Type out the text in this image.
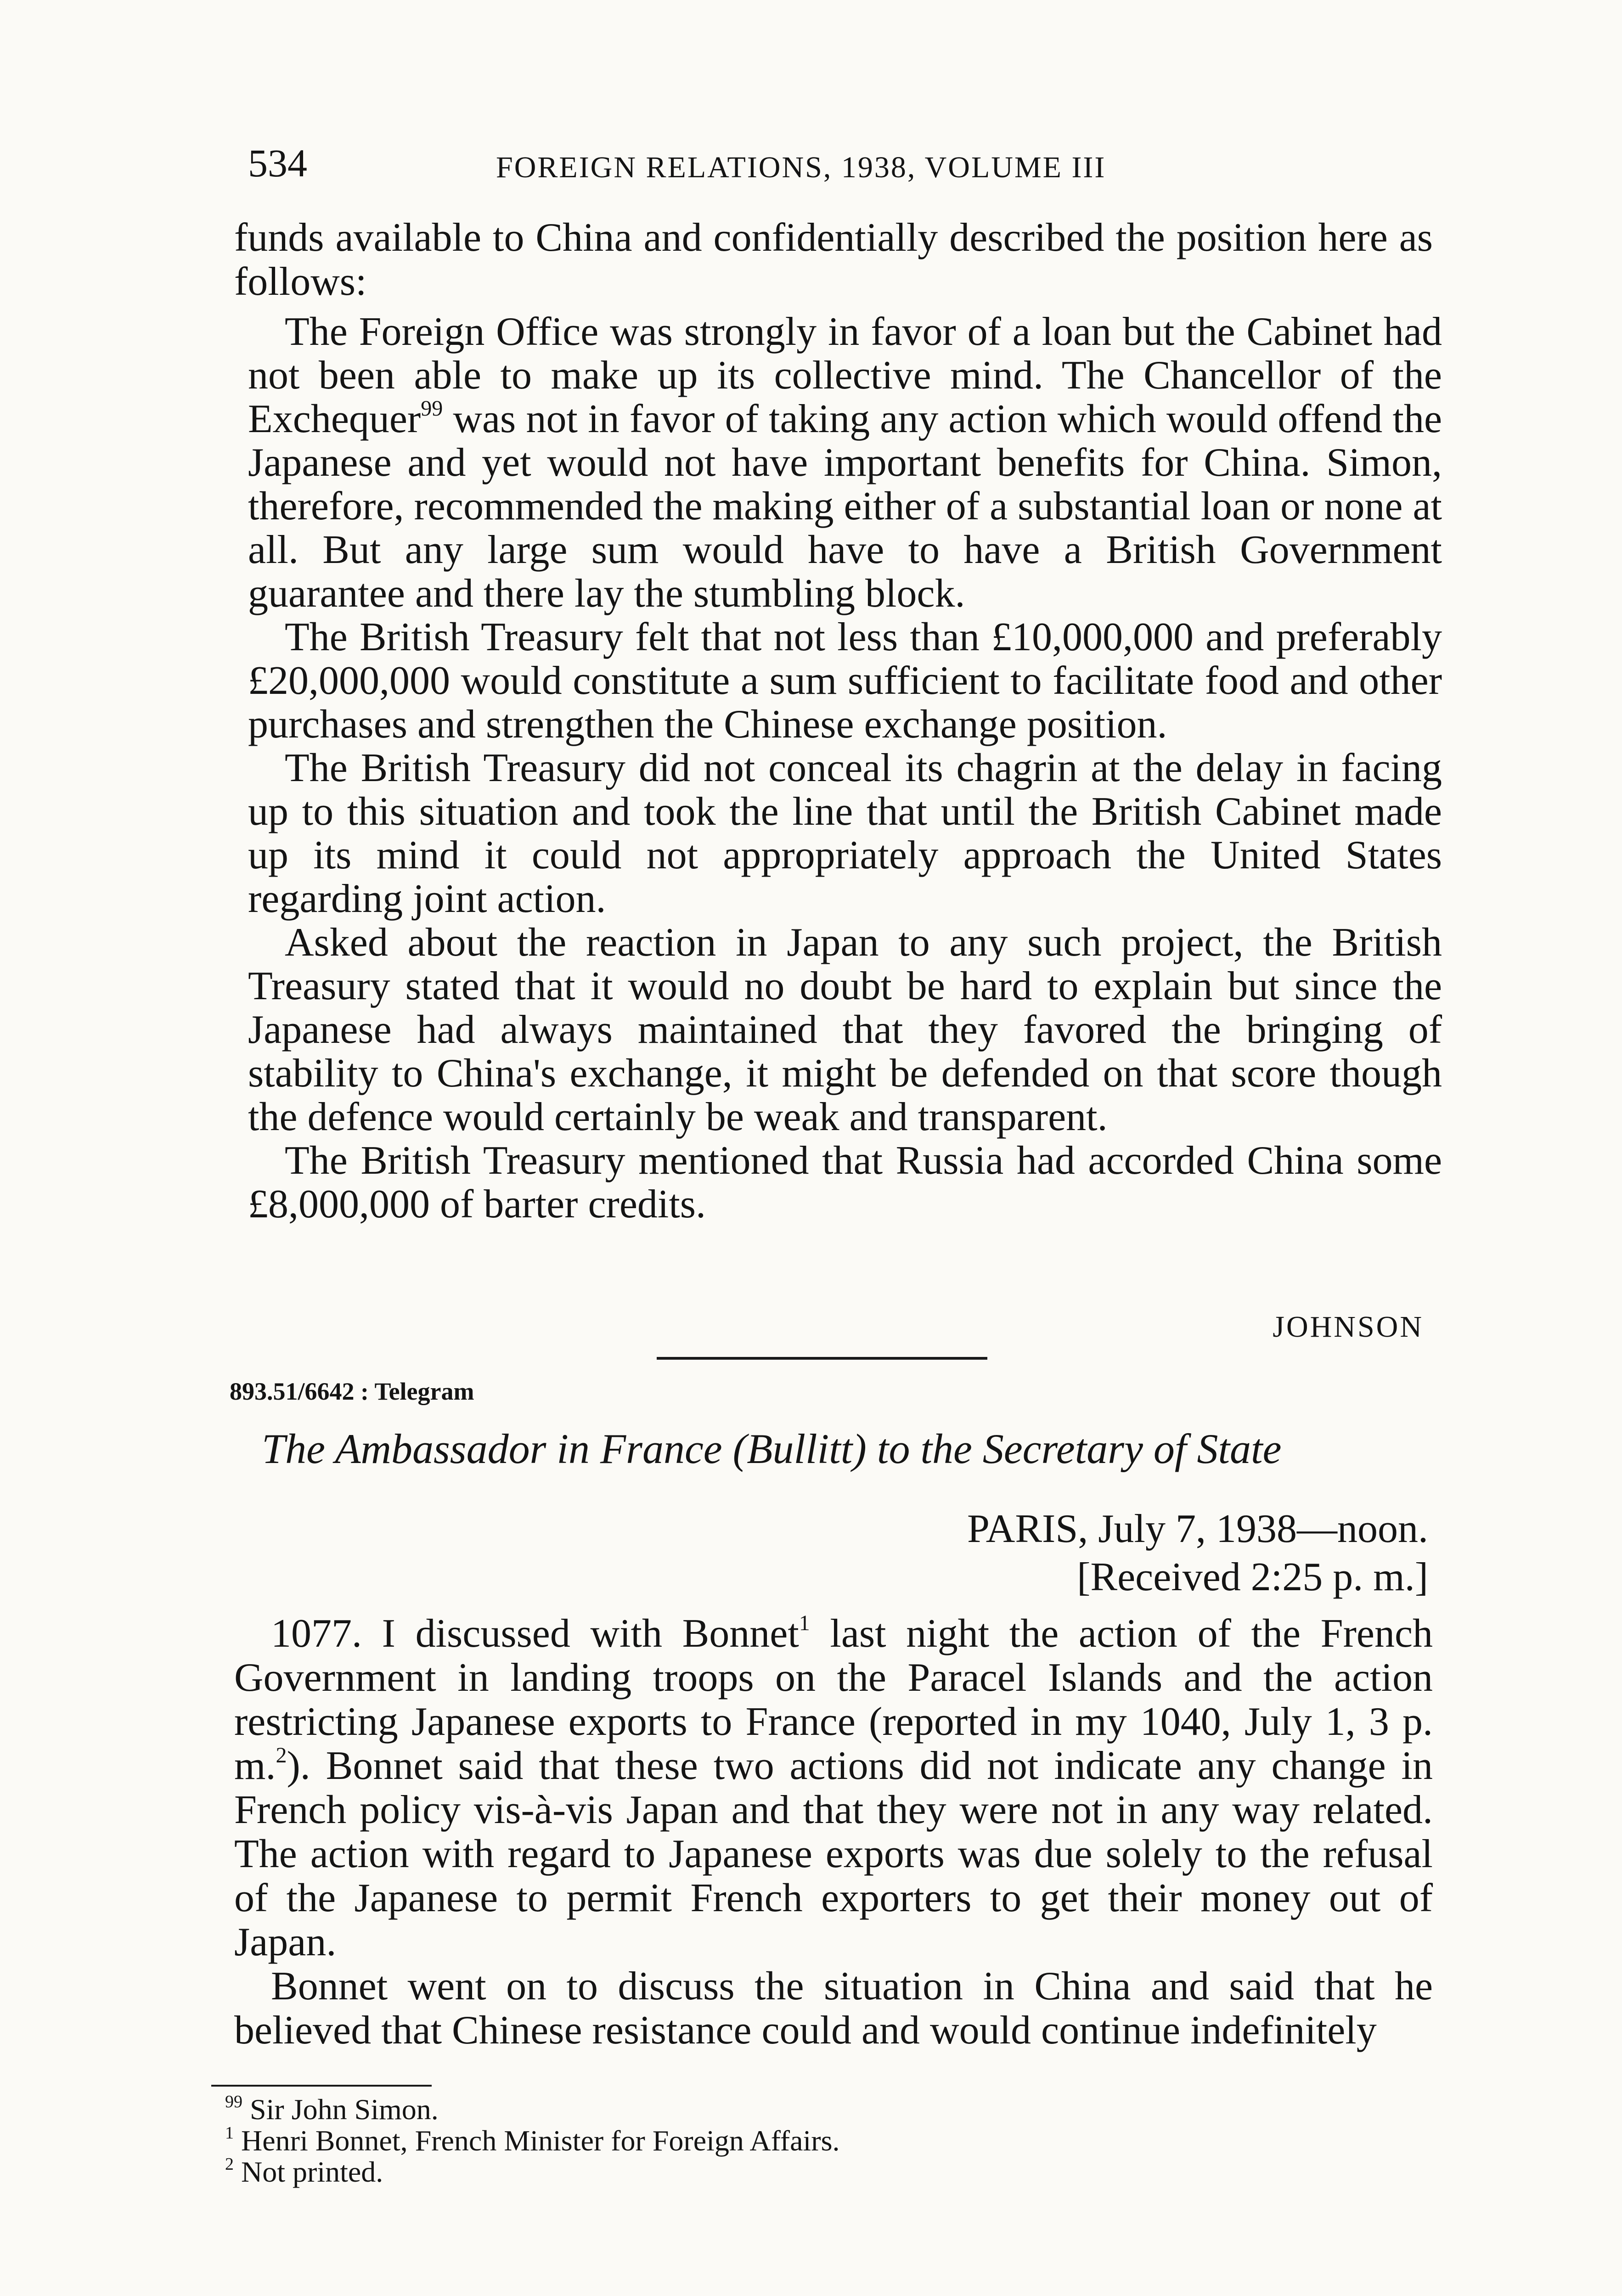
534	FOREIGN RELATIONS, 1938, VOLUME III

funds available to China and confidentially described the position here as follows:

The Foreign Office was strongly in favor of a loan but the Cabinet had not been able to make up its collective mind. The Chancellor of the Exchequer$^{99}$ was not in favor of taking any action which would offend the Japanese and yet would not have important benefits for China. Simon, therefore, recommended the making either of a substantial loan or none at all. But any large sum would have to have a British Government guarantee and there lay the stumbling block.

The British Treasury felt that not less than £10,000,000 and preferably £20,000,000 would constitute a sum sufficient to facilitate food and other purchases and strengthen the Chinese exchange position.

The British Treasury did not conceal its chagrin at the delay in facing up to this situation and took the line that until the British Cabinet made up its mind it could not appropriately approach the United States regarding joint action.

Asked about the reaction in Japan to any such project, the British Treasury stated that it would no doubt be hard to explain but since the Japanese had always maintained that they favored the bringing of stability to China's exchange, it might be defended on that score though the defence would certainly be weak and transparent.

The British Treasury mentioned that Russia had accorded China some £8,000,000 of barter credits.

JOHNSON
893.51/6642 : Telegram
The Ambassador in France (Bullitt) to the Secretary of State
PARIS, July 7, 1938—noon.
[Received 2:25 p. m.]

1077. I discussed with Bonnet$^1$ last night the action of the French Government in landing troops on the Paracel Islands and the action restricting Japanese exports to France (reported in my 1040, July 1, 3 p. m.$^2$). Bonnet said that these two actions did not indicate any change in French policy vis-à-vis Japan and that they were not in any way related. The action with regard to Japanese exports was due solely to the refusal of the Japanese to permit French exporters to get their money out of Japan.

Bonnet went on to discuss the situation in China and said that he believed that Chinese resistance could and would continue indefinitely

$^{99}$ Sir John Simon.
$^1$ Henri Bonnet, French Minister for Foreign Affairs.
$^2$ Not printed.
